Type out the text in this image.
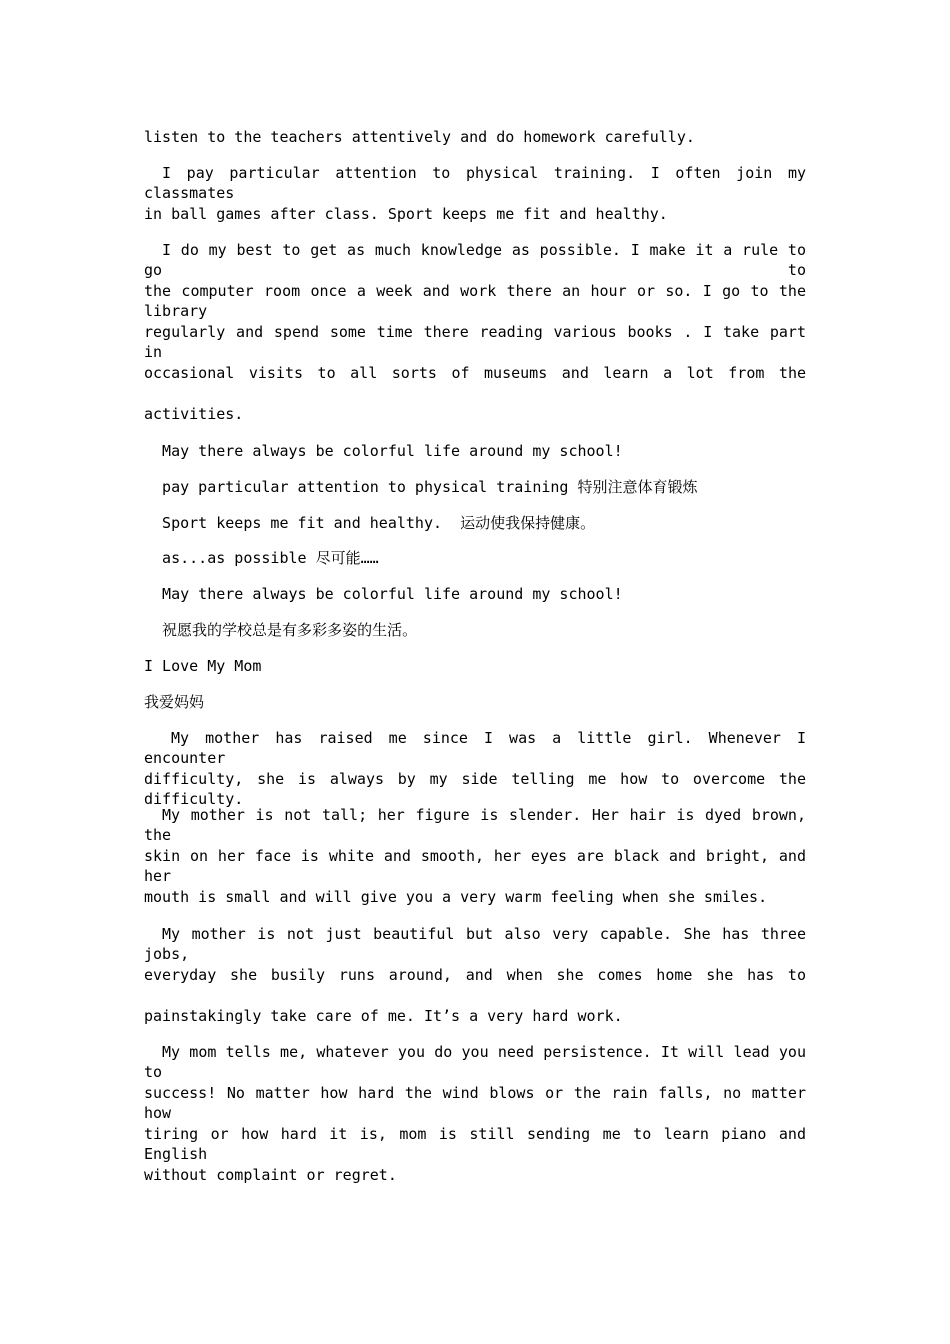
listen to the teachers attentively and do homework carefully.

I pay particular attention to physical training. I often join my classmates

in ball games after class. Sport keeps me fit and healthy.

I do my best to get as much knowledge as possible. I make it a rule to go to

the computer room once a week and work there an hour or so. I go to the library

regularly and spend some time there reading various books . I take part in

occasional visits to all sorts of museums and learn a lot from the

activities.

May there always be colorful life around my school!

pay particular attention to physical training 特别注意体育锻炼

Sport keeps me fit and healthy.  运动使我保持健康。

as...as possible 尽可能……

May there always be colorful life around my school!

祝愿我的学校总是有多彩多姿的生活。

I Love My Mom

我爱妈妈

My mother has raised me since I was a little girl. Whenever I encounter

difficulty, she is always by my side telling me how to overcome the difficulty.

My mother is not tall; her figure is slender. Her hair is dyed brown, the

skin on her face is white and smooth, her eyes are black and bright, and her

mouth is small and will give you a very warm feeling when she smiles.

My mother is not just beautiful but also very capable. She has three jobs,

everyday she busily runs around, and when she comes home she has to

painstakingly take care of me. It’s a very hard work.

My mom tells me, whatever you do you need persistence. It will lead you to

success! No matter how hard the wind blows or the rain falls, no matter how

tiring or how hard it is, mom is still sending me to learn piano and English

without complaint or regret.
